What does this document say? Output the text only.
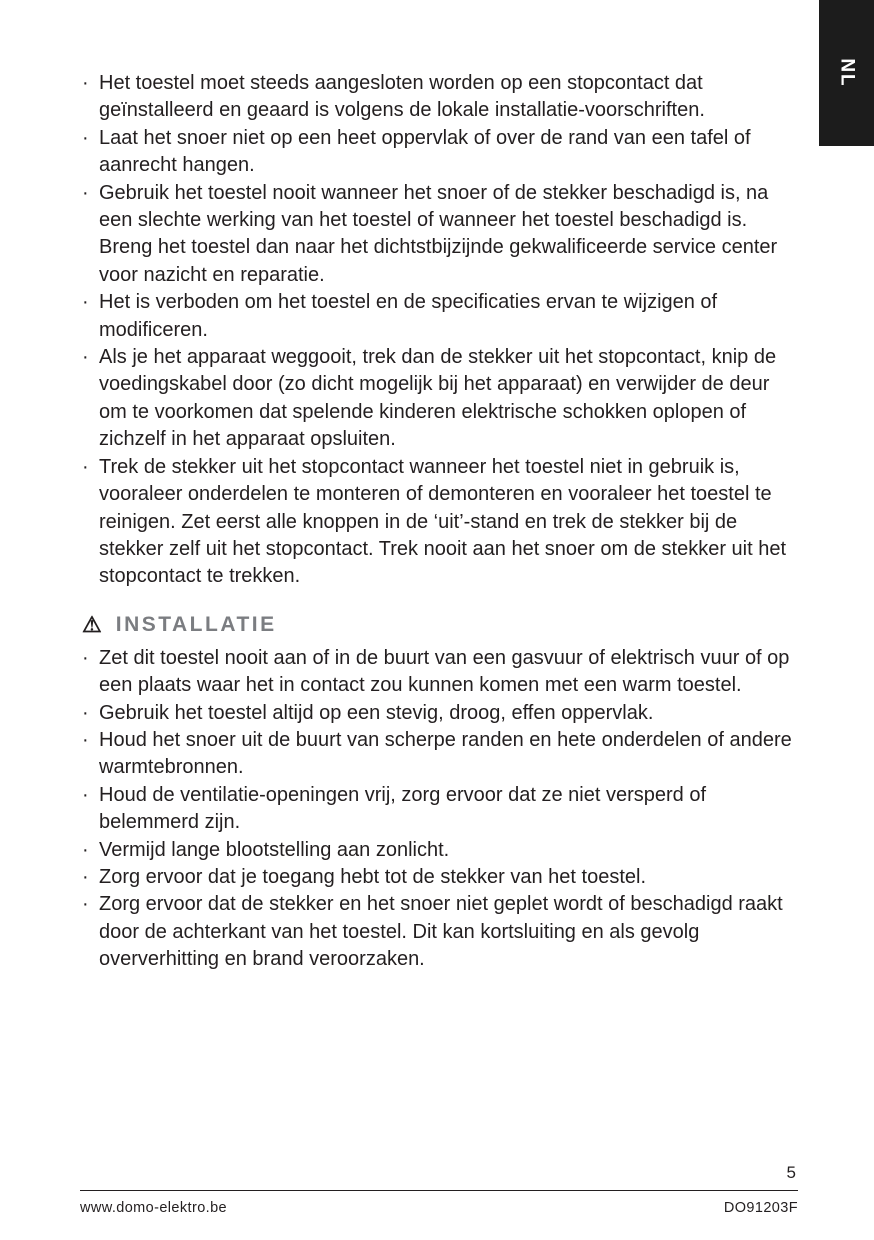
NL
· Het toestel moet steeds aangesloten worden op een stopcontact dat geïnstalleerd en geaard is volgens de lokale installatie-voorschriften.
· Laat het snoer niet op een heet oppervlak of over de rand van een tafel of aanrecht hangen.
· Gebruik het toestel nooit wanneer het snoer of de stekker beschadigd is, na een slechte werking van het toestel of wanneer het toestel beschadigd is. Breng het toestel dan naar het dichtstbijzijnde gekwalificeerde service center voor nazicht en reparatie.
· Het is verboden om het toestel en de specificaties ervan te wijzigen of modificeren.
· Als je het apparaat weggooit, trek dan de stekker uit het stopcontact, knip de voedingskabel door (zo dicht mogelijk bij het apparaat) en verwijder de deur om te voorkomen dat spelende kinderen elektrische schokken oplopen of zichzelf in het apparaat opsluiten.
· Trek de stekker uit het stopcontact wanneer het toestel niet in gebruik is, vooraleer onderdelen te monteren of demonteren en vooraleer het toestel te reinigen. Zet eerst alle knoppen in de ‘uit’-stand en trek de stekker bij de stekker zelf uit het stopcontact. Trek nooit aan het snoer om de stekker uit het stopcontact te trekken.
⚠ INSTALLATIE
· Zet dit toestel nooit aan of in de buurt van een gasvuur of elektrisch vuur of op een plaats waar het in contact zou kunnen komen met een warm toestel.
· Gebruik het toestel altijd op een stevig, droog, effen oppervlak.
· Houd het snoer uit de buurt van scherpe randen en hete onderdelen of andere warmtebronnen.
· Houd de ventilatie-openingen vrij, zorg ervoor dat ze niet versperd of belemmerd zijn.
· Vermijd lange blootstelling aan zonlicht.
· Zorg ervoor dat je toegang hebt tot de stekker van het toestel.
· Zorg ervoor dat de stekker en het snoer niet geplet wordt of beschadigd raakt door de achterkant van het toestel. Dit kan kortsluiting en als gevolg oververhitting en brand veroorzaken.
5
www.domo-elektro.be	DO91203F
